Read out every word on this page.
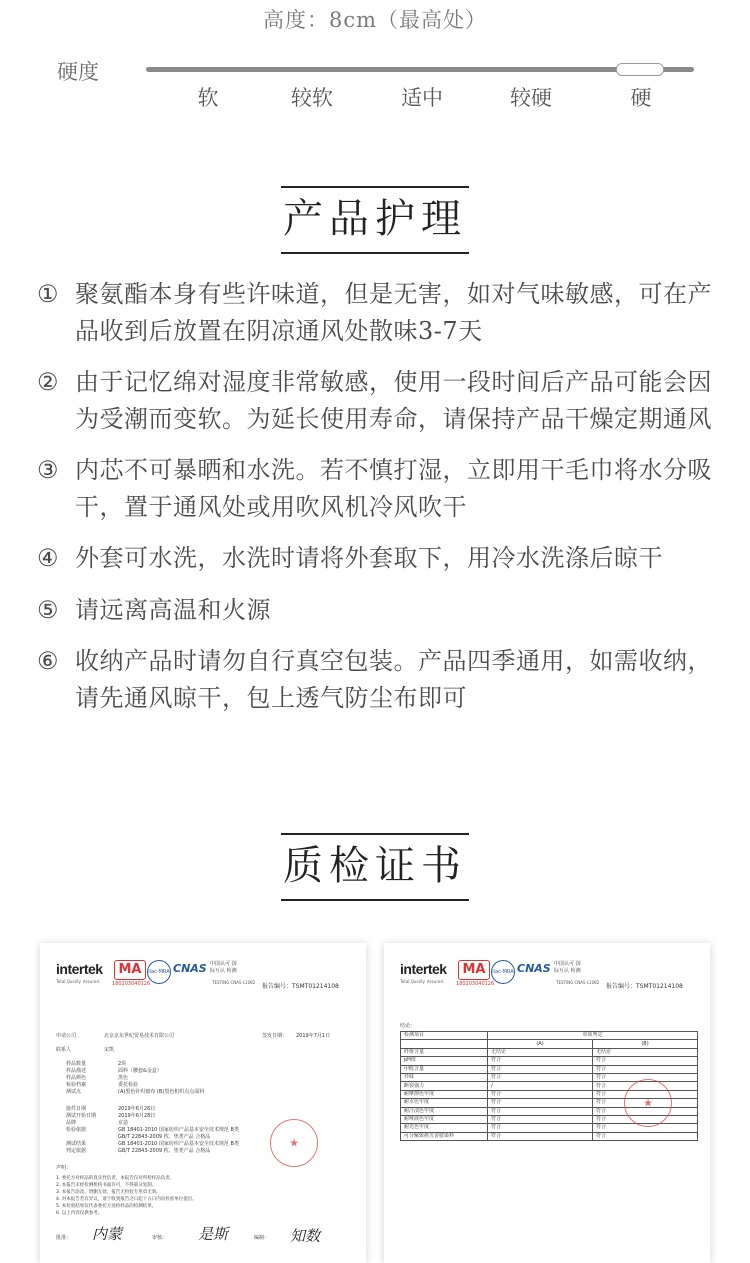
高度：8cm（最高处）
硬度
软	较软	适中	较硬	硬
产品护理
① 聚氨酯本身有些许味道，但是无害，如对气味敏感，可在产品收到后放置在阴凉通风处散味3-7天
② 由于记忆绵对湿度非常敏感，使用一段时间后产品可能会因为受潮而变软。为延长使用寿命，请保持产品干燥定期通风
③ 内芯不可暴晒和水洗。若不慎打湿，立即用干毛巾将水分吸干，置于通风处或用吹风机冷风吹干
④ 外套可水洗，水洗时请将外套取下，用冷水洗涤后晾干
⑤ 请远离高温和火源
⑥ 收纳产品时请勿自行真空包装。产品四季通用，如需收纳，请先通风晾干，包上透气防尘布即可
质检证书
intertek
Total Quality. Assured.
MA
180203040126
ilac-MRA CNAS 中国认可 国际互认 检测
TESTING CNAS L1082
报告编号：TSMT01214108
申请公司	北京京东世纪贸易技术有限公司	签发日期： 2019年7月1日
联系人	宋凯
样品数量	2块
样品描述	面料（腰套&金盒）
样品颜色	黑色
检验档案	委托检验
测试点	(A)黑色针织细布 (B)黑色机织点点面料
接件日期	2019年6月26日
测试开始日期	2019年6月28日
品牌	京造
检验依据	GB 18401-2010 国家纺织产品基本安全技术规范 B类
GB/T 22843-2009 枕、垫类产品 合格品
测试结果	GB 18401-2010 国家纺织产品基本安全技术规范 B类
判定依据	GB/T 22843-2009 枕、垫类产品 合格品
声明：
1. 委托方对样品的真实性负责，本报告仅对所检样品负责。
2. 本报告未经检测机构书面许可，不得部分复制。
3. 本报告涂改、增删无效，报告无检验专用章无效。
4. 对本报告若有异议，请于收到报告之日起十五日内向检验单位提出。
5. 本检验结果仅代表委托方送检样品的检测结果。
6. 以上内容仅供参考。
批准： 内蒙	审核： 是斯	编制： 知数
★
intertek
Total Quality. Assured.
MA
180203040126
ilac-MRA CNAS 中国认可 国际互认 检测
TESTING CNAS L1082
报告编号：TSMT01214108
结论：
检测项目	单项判定	
	(A)	(B)
纤维含量	无结论	无结论
pH值	符合	符合
甲醛含量	符合	符合
异味	符合	符合
断裂强力	/	符合
耐摩擦色牢度	符合	符合
耐水色牢度	符合	符合
耐汗渍色牢度	符合	符合
耐唾液色牢度	符合	符合
耐光色牢度	符合	符合
可分解致癌芳香胺染料	符合	符合
★
